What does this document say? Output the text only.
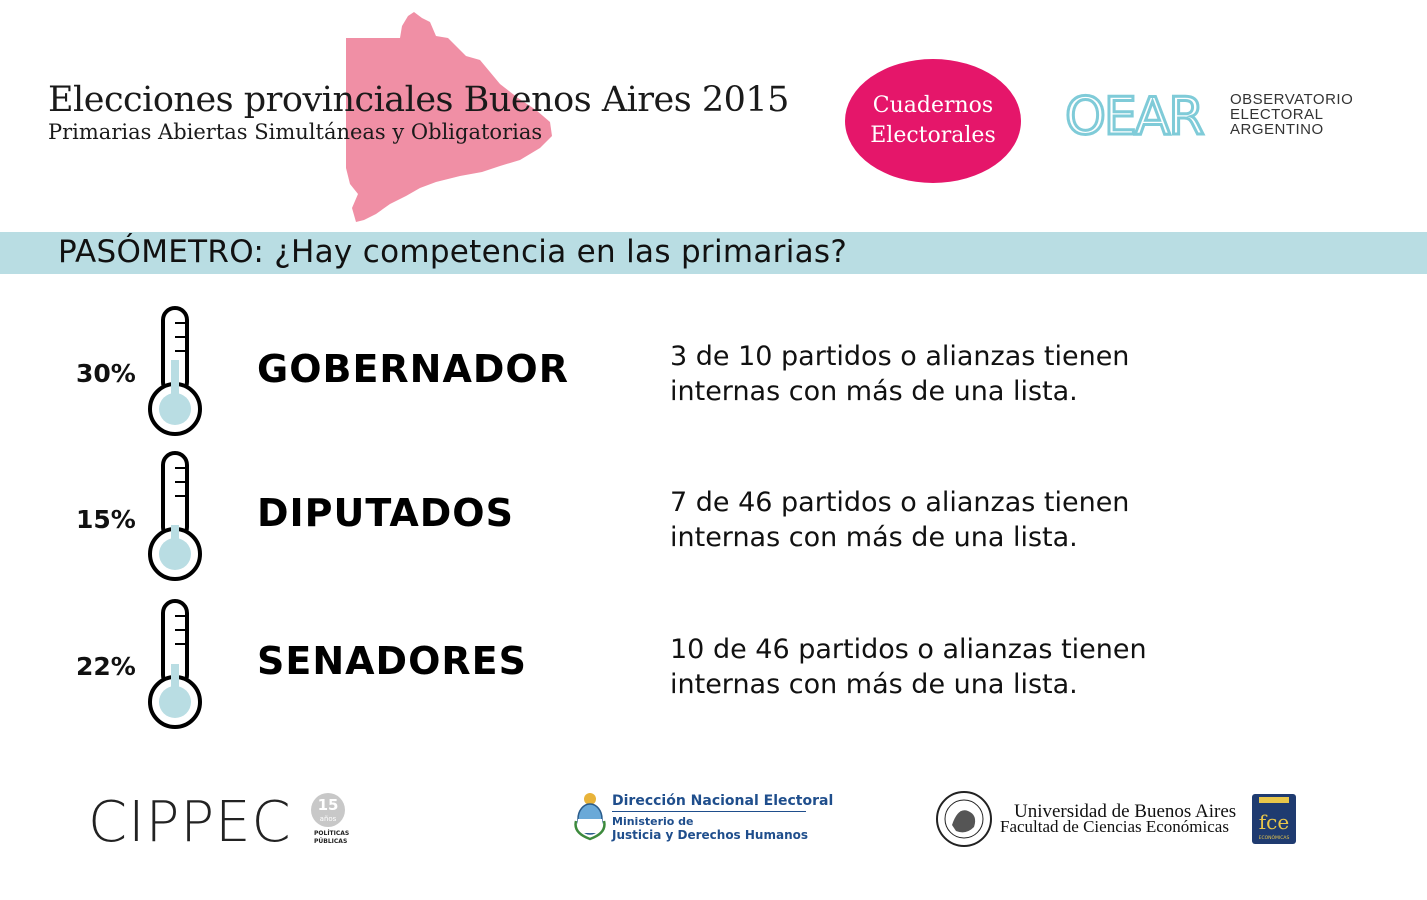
Elecciones provinciales Buenos Aires 2015
Primarias Abiertas Simultáneas y Obligatorias
Cuadernos
Electorales OEAR OBSERVATORIO
ELECTORAL
ARGENTINO
PASÓMETRO: ¿Hay competencia en las primarias?
30%	GOBERNADOR	3 de 10 partidos o alianzas tienen
internas con más de una lista.
15%	DIPUTADOS	7 de 46 partidos o alianzas tienen
internas con más de una lista.
22%	SENADORES	10 de 46 partidos o alianzas tienen
internas con más de una lista.
CIPPEC 15
años
POLÍTICAS
PÚBLICAS
Dirección Nacional Electoral
Ministerio de
Justicia y Derechos Humanos
Universidad de Buenos Aires
Facultad de Ciencias Económicas fce
ECONÓMICAS
